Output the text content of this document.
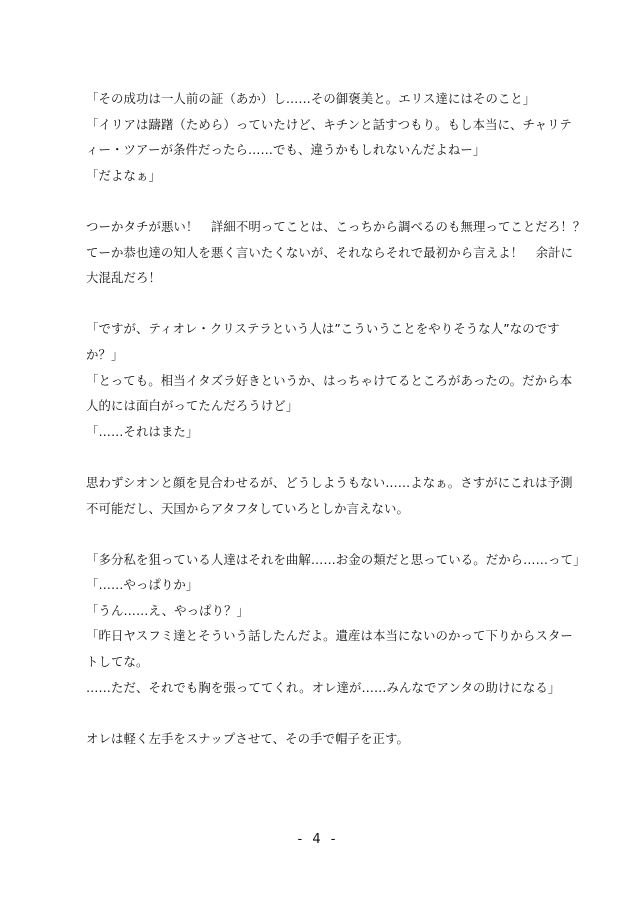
「その成功は一人前の証（あか）し……その御褒美と。エリス達にはそのこと」

「イリアは躊躇（ためら）っていたけど、キチンと話すつもり。もし本当に、チャリテ

ィー・ツアーが条件だったら……でも、違うかもしれないんだよねー」

「だよなぁ」

つーかタチが悪い！　詳細不明ってことは、こっちから調べるのも無理ってことだろ！？

てーか恭也達の知人を悪く言いたくないが、それならそれで最初から言えよ！　余計に

大混乱だろ！

「ですが、ティオレ・クリステラという人は”こういうことをやりそうな人”なのです

か？」

「とっても。相当イタズラ好きというか、はっちゃけてるところがあったの。だから本

人的には面白がってたんだろうけど」

「……それはまた」

思わずシオンと顔を見合わせるが、どうしようもない……よなぁ。さすがにこれは予測

不可能だし、天国からアタフタしていろとしか言えない。

「多分私を狙っている人達はそれを曲解……お金の類だと思っている。だから……って」

「……やっぱりか」

「うん……え、やっぱり？」

「昨日ヤスフミ達とそういう話したんだよ。遺産は本当にないのかって下りからスター

トしてな。

……ただ、それでも胸を張っててくれ。オレ達が……みんなでアンタの助けになる」

オレは軽く左手をスナップさせて、その手で帽子を正す。

- 4 -
